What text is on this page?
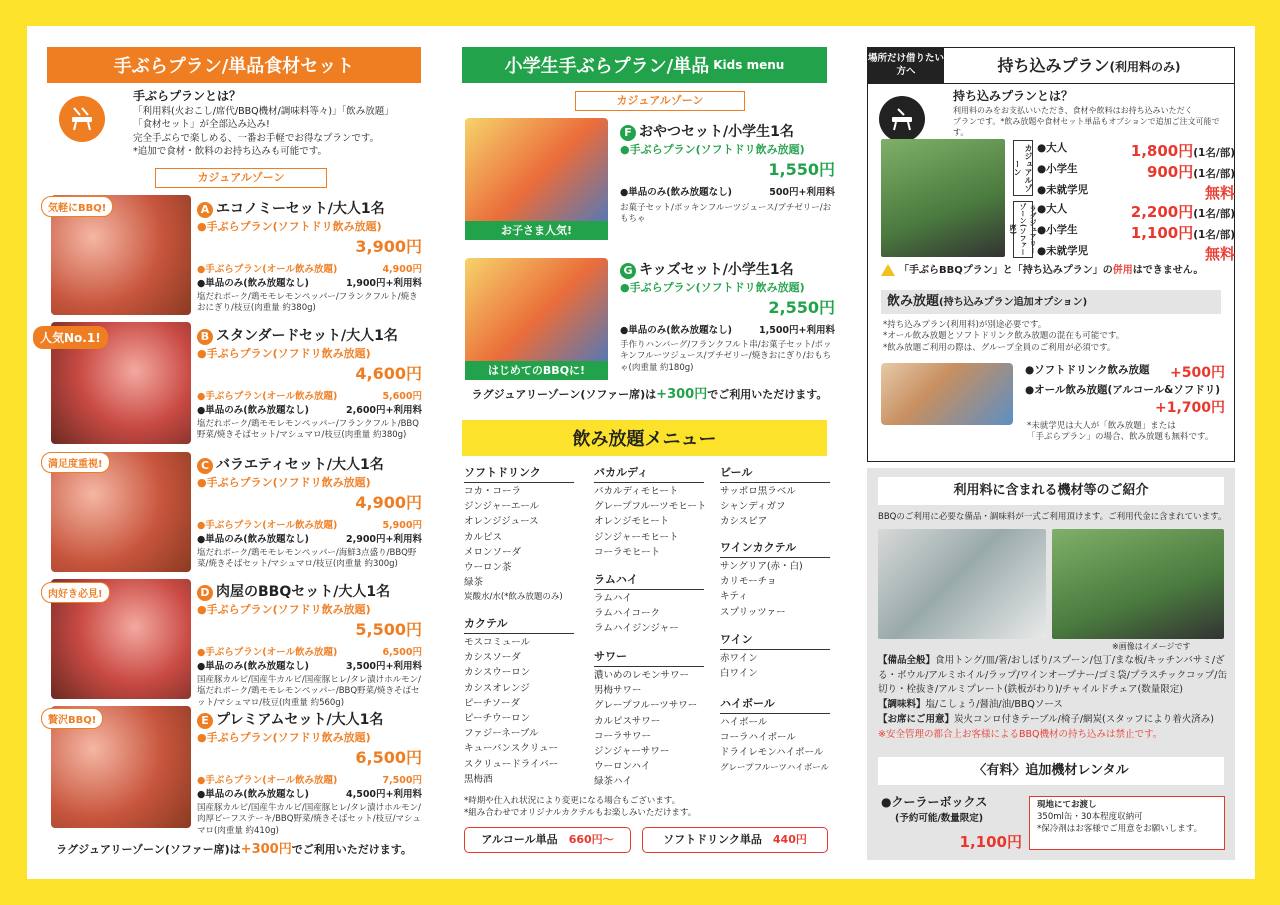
手ぶらプラン/単品食材セット
手ぶらプランとは？
「利用料(火おこし/席代/BBQ機材/調味料等々)」「飲み放題」
「食材セット」が全部込み込み!
完全手ぶらで楽しめる、一番お手軽でお得なプランです。
*追加で食材・飲料のお持ち込みも可能です。
カジュアルゾーン
気軽にBBQ!	A エコノミーセット/大人1名
●手ぶらプラン(ソフトドリ飲み放題)
3,900円
●手ぶらプラン(オール飲み放題)	4,900円
●単品のみ(飲み放題なし)	1,900円+利用料
塩だれポーク/鶏モモレモンペッパー/フランクフルト/焼きおにぎり/枝豆(肉重量 約380g)
人気No.1!	B スタンダードセット/大人1名
●手ぶらプラン(ソフドリ飲み放題)
4,600円
●手ぶらプラン(オール飲み放題)	5,600円
●単品のみ(飲み放題なし)	2,600円+利用料
塩だれポーク/鶏モモレモンペッパー/フランクフルト/BBQ野菜/焼きそばセット/マシュマロ/枝豆(肉重量 約380g)
満足度重視!	C バラエティセット/大人1名
●手ぶらプラン(ソフドリ飲み放題)
4,900円
●手ぶらプラン(オール飲み放題)	5,900円
●単品のみ(飲み放題なし)	2,900円+利用料
塩だれポーク/鶏モモレモンペッパー/海鮮3点盛り/BBQ野菜/焼きそばセット/マシュマロ/枝豆(肉重量 約300g)
肉好き必見!	D 肉屋のBBQセット/大人1名
●手ぶらプラン(ソフドリ飲み放題)
5,500円
●手ぶらプラン(オール飲み放題)	6,500円
●単品のみ(飲み放題なし)	3,500円+利用料
国産豚カルビ/国産牛カルビ/国産豚ヒレ/タレ漬けホルモン/塩だれポーク/鶏モモレモンペッパー/BBQ野菜/焼きそばセット/マシュマロ/枝豆(肉重量 約560g)
贅沢BBQ!	E プレミアムセット/大人1名
●手ぶらプラン(ソフドリ飲み放題)
6,500円
●手ぶらプラン(オール飲み放題)	7,500円
●単品のみ(飲み放題なし)	4,500円+利用料
国産豚カルビ/国産牛カルビ/国産豚ヒレ/タレ漬けホルモン/肉厚ビーフステーキ/BBQ野菜/焼きそばセット/枝豆/マシュマロ(肉重量 約410g)
ラグジュアリーゾーン(ソファー席)は+300円でご利用いただけます。
小学生手ぶらプラン/単品 Kids menu
カジュアルゾーン
お子さま人気!
F おやつセット/小学生1名
●手ぶらプラン(ソフトドリ飲み放題)
1,550円
●単品のみ(飲み放題なし)	500円+利用料
お菓子セット/ポッキンフルーツジュース/プチゼリー/おもちゃ
はじめてのBBQに!
G キッズセット/小学生1名
●手ぶらプラン(ソフトドリ飲み放題)
2,550円
●単品のみ(飲み放題なし)	1,500円+利用料
手作りハンバーグ/フランクフルト串/お菓子セット/ポッキンフルーツジュース/プチゼリー/焼きおにぎり/おもちゃ(肉重量 約180g)
ラグジュアリーゾーン(ソファー席)は+300円でご利用いただけます。
飲み放題メニュー
ソフトドリンク
コカ・コーラ
ジンジャーエール
オレンジジュース
カルピス
メロンソーダ
ウーロン茶
緑茶
炭酸水/水(*飲み放題のみ)
カクテル
モスコミュール
カシスソーダ
カシスウーロン
カシスオレンジ
ピーチソーダ
ピーチウーロン
ファジーネーブル
キューバンスクリュー
スクリュードライバー
黒梅酒
バカルディ
バカルディモヒート
グレープフルーツモヒート
オレンジモヒート
ジンジャーモヒート
コーラモヒート
ラムハイ
ラムハイ
ラムハイコーク
ラムハイジンジャー
サワー
濃いめのレモンサワー
男梅サワー
グレープフルーツサワー
カルピスサワー
コーラサワー
ジンジャーサワー
ウーロンハイ
緑茶ハイ
ビール
サッポロ黒ラベル
シャンディガフ
カシスビア
ワインカクテル
サングリア(赤・白)
カリモーチョ
キティ
スプリッツァー
ワイン
赤ワイン
白ワイン
ハイボール
ハイボール
コーラハイボール
ドライレモンハイボール
グレープフルーツハイボール
*時期や仕入れ状況により変更になる場合もございます。
*組み合わせでオリジナルカクテルもお楽しみいただけます。
アルコール単品　 660円〜	ソフトドリンク単品　 440円
場所だけ借りたい方へ	持ち込みプラン(利用料のみ)
持ち込みプランとは？
利用料のみをお支払いいただき、食材や飲料はお持ち込みいただく
プランです。*飲み放題や食材セット単品もオプションで追加ご注文可能です。
カジュアルゾーン
ラグジュアリーゾーン(ソファー席)
●大人	1,800円(1名/部)
●小学生	900円(1名/部)
●未就学児	無料
●大人	2,200円(1名/部)
●小学生	1,100円(1名/部)
●未就学児	無料
「手ぶらBBQプラン」と「持ち込みプラン」の併用はできません。
飲み放題(持ち込みプラン追加オプション)
*持ち込みプラン(利用料)が別途必要です。
*オール飲み放題とソフトドリンク飲み放題の混在も可能です。
*飲み放題ご利用の際は、グループ全員のご利用が必須です。
●ソフトドリンク飲み放題 +500円
●オール飲み放題(アルコール&ソフドリ)
+1,700円
*未就学児は大人が「飲み放題」または
「手ぶらプラン」の場合、飲み放題も無料です。
利用料に含まれる機材等のご紹介
BBQのご利用に必要な備品・調味料が一式ご利用頂けます。ご利用代金に含まれています。
※画像はイメージです
【備品全般】食用トング/皿/箸/おしぼり/スプーン/包丁/まな板/キッチンバサミ/ざる・ボウル/アルミホイル/ラップ/ワインオープナー/ゴミ袋/プラスチックコップ/缶切り・栓抜き/アルミプレート(鉄板がわり)/チャイルドチェア(数量限定)
【調味料】塩/こしょう/醤油/油/BBQソース
【お席にご用意】炭火コンロ付きテーブル/椅子/網炭(スタッフにより着火済み)
※安全管理の都合上お客様によるBBQ機材の持ち込みは禁止です。
〈有料〉追加機材レンタル
●クーラーボックス
(予約可能/数量限定)
1,100円
現地にてお渡し
350ml缶・30本程度収納可
*保冷剤はお客様でご用意をお願いします。
